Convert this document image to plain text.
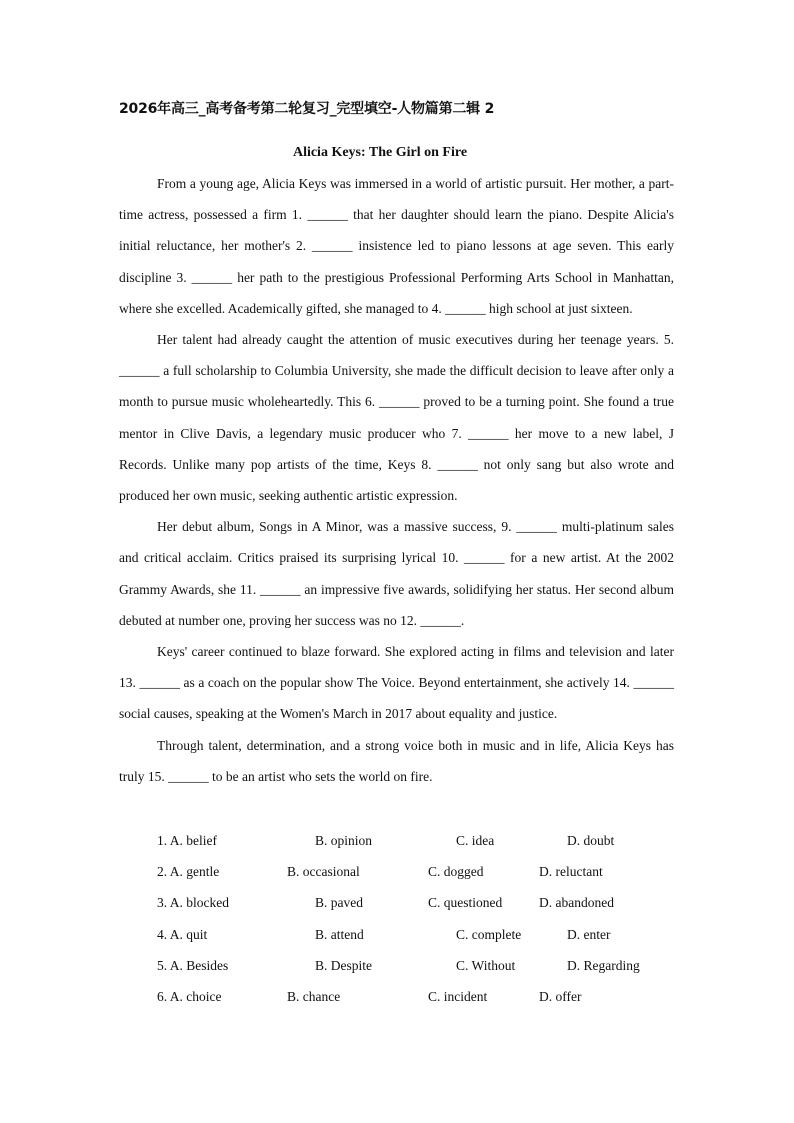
2026年高三_高考备考第二轮复习_完型填空-人物篇第二辑 2
Alicia Keys: The Girl on Fire

From a young age, Alicia Keys was immersed in a world of artistic pursuit. Her mother, a part-time actress, possessed a firm 1. ______ that her daughter should learn the piano. Despite Alicia's initial reluctance, her mother's 2. ______ insistence led to piano lessons at age seven. This early discipline 3. ______ her path to the prestigious Professional Performing Arts School in Manhattan, where she excelled. Academically gifted, she managed to 4. ______ high school at just sixteen.

Her talent had already caught the attention of music executives during her teenage years. 5. ______ a full scholarship to Columbia University, she made the difficult decision to leave after only a month to pursue music wholeheartedly. This 6. ______ proved to be a turning point. She found a true mentor in Clive Davis, a legendary music producer who 7. ______ her move to a new label, J Records. Unlike many pop artists of the time, Keys 8. ______ not only sang but also wrote and produced her own music, seeking authentic artistic expression.

Her debut album, Songs in A Minor, was a massive success, 9. ______ multi-platinum sales and critical acclaim. Critics praised its surprising lyrical 10. ______ for a new artist. At the 2002 Grammy Awards, she 11. ______ an impressive five awards, solidifying her status. Her second album debuted at number one, proving her success was no 12. ______.

Keys' career continued to blaze forward. She explored acting in films and television and later 13. ______ as a coach on the popular show The Voice. Beyond entertainment, she actively 14. ______ social causes, speaking at the Women's March in 2017 about equality and justice.

Through talent, determination, and a strong voice both in music and in life, Alicia Keys has truly 15. ______ to be an artist who sets the world on fire.

1. A. belief	B. opinion	C. idea	D. doubt
2. A. gentle	B. occasional	C. dogged	D. reluctant
3. A. blocked	B. paved	C. questioned	D. abandoned
4. A. quit	B. attend	C. complete	D. enter
5. A. Besides	B. Despite	C. Without	D. Regarding
6. A. choice	B. chance	C. incident	D. offer
